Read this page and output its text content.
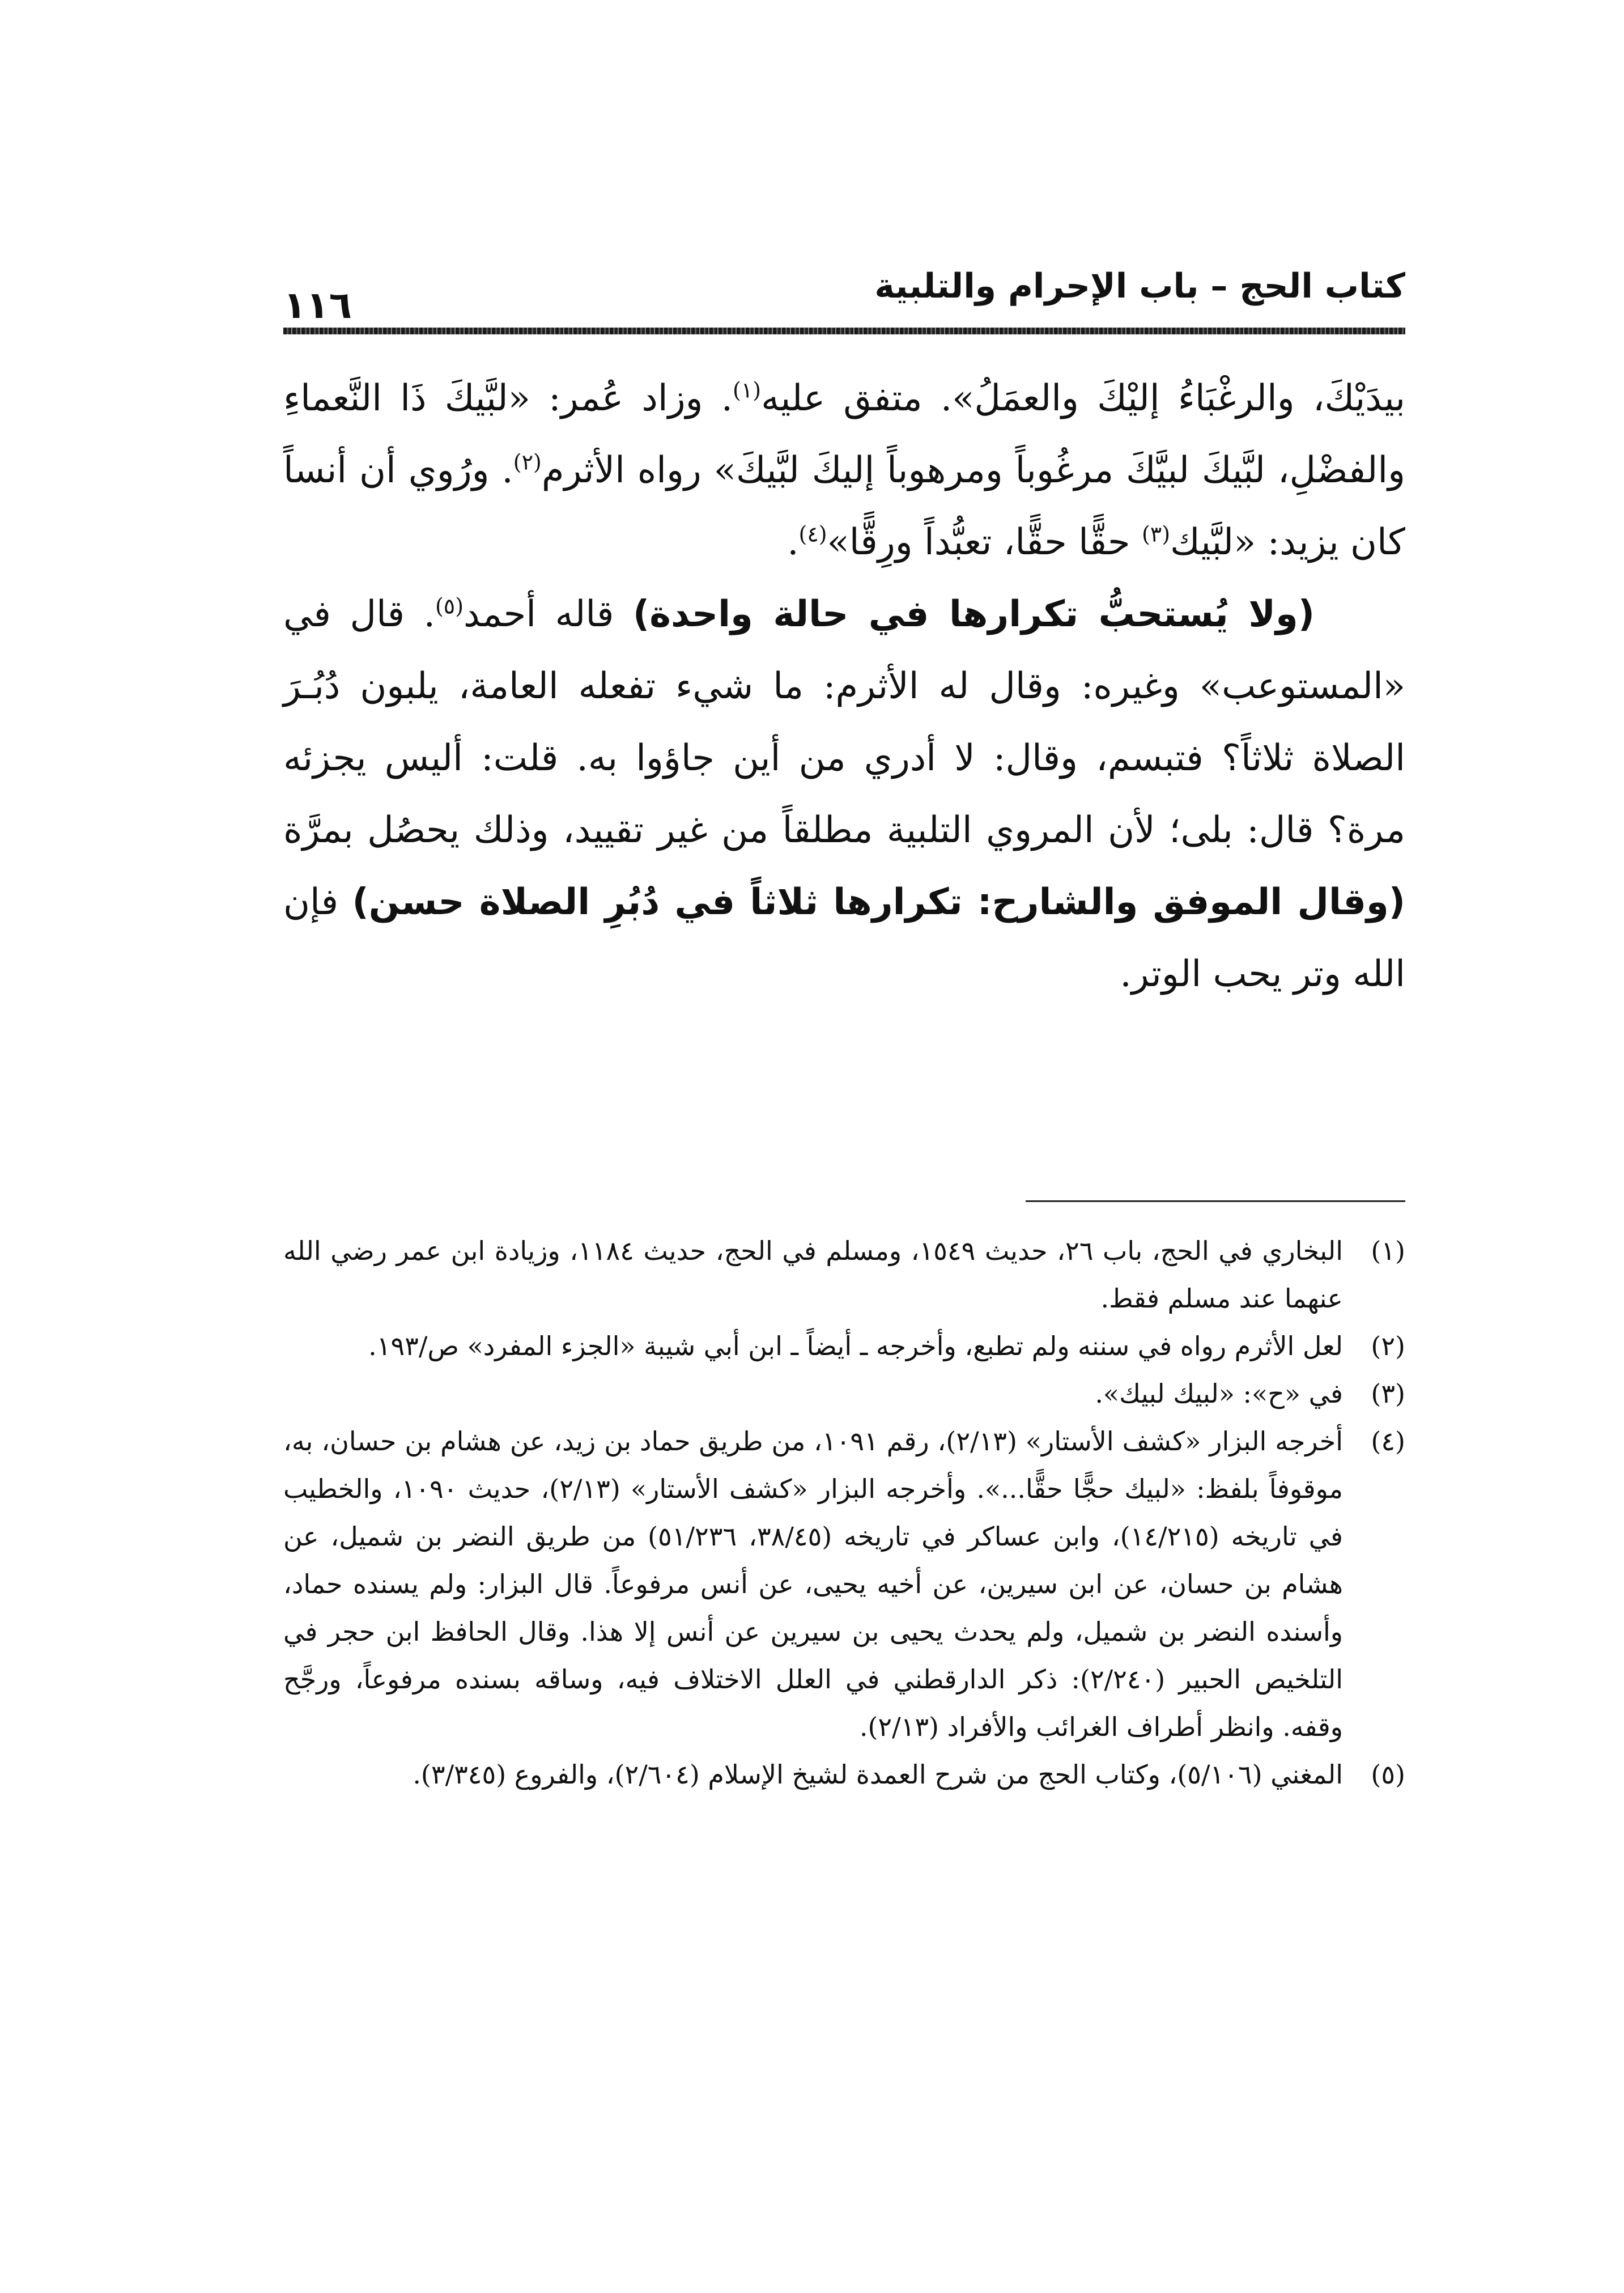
١١٦	كتاب الحج – باب الإحرام والتلبية

بيدَيْكَ، والرغْبَاءُ إليْكَ والعمَلُ». متفق عليه$^{(١)}$. وزاد عُمر: «لبَّيكَ ذَا النَّعماءِ والفضْلِ، لبَّيكَ لبيَّكَ مرغُوباً ومرهوباً إليكَ لبَّيكَ» رواه الأثرم$^{(٢)}$. ورُوي أن أنساً كان يزيد: «لبَّيك$^{(٣)}$ حقًّا حقًّا، تعبُّداً ورِقًّا»$^{(٤)}$.

(ولا يُستحبُّ تكرارها في حالة واحدة) قاله أحمد$^{(٥)}$. قال في «المستوعب» وغيره: وقال له الأثرم: ما شيء تفعله العامة، يلبون دُبُـرَ الصلاة ثلاثاً؟ فتبسم، وقال: لا أدري من أين جاؤوا به. قلت: أليس يجزئه مرة؟ قال: بلى؛ لأن المروي التلبية مطلقاً من غير تقييد، وذلك يحصُل بمرَّة (وقال الموفق والشارح: تكرارها ثلاثاً في دُبُرِ الصلاة حسن) فإن الله وتر يحب الوتر.

(١)
البخاري في الحج، باب ٢٦، حديث ١٥٤٩، ومسلم في الحج، حديث ١١٨٤، وزيادة ابن عمر رضي الله عنهما عند مسلم فقط.
(٢)
لعل الأثرم رواه في سننه ولم تطبع، وأخرجه ـ أيضاً ـ ابن أبي شيبة «الجزء المفرد» ص/١٩٣.
(٣)
في «ح»: «لبيك لبيك».
(٤)
أخرجه البزار «كشف الأستار» (٢/١٣)، رقم ١٠٩١، من طريق حماد بن زيد، عن هشام بن حسان، به، موقوفاً بلفظ: «لبيك حجًّا حقًّا...». وأخرجه البزار «كشف الأستار» (٢/١٣)، حديث ١٠٩٠، والخطيب في تاريخه (١٤/٢١٥)، وابن عساكر في تاريخه (٣٨/٤٥، ٥١/٢٣٦) من طريق النضر بن شميل، عن هشام بن حسان، عن ابن سيرين، عن أخيه يحيى، عن أنس مرفوعاً. قال البزار: ولم يسنده حماد، وأسنده النضر بن شميل، ولم يحدث يحيى بن سيرين عن أنس إلا هذا. وقال الحافظ ابن حجر في التلخيص الحبير (٢/٢٤٠): ذكر الدارقطني في العلل الاختلاف فيه، وساقه بسنده مرفوعاً، ورجَّح وقفه. وانظر أطراف الغرائب والأفراد (٢/١٣).
(٥)
المغني (٥/١٠٦)، وكتاب الحج من شرح العمدة لشيخ الإسلام (٢/٦٠٤)، والفروع (٣/٣٤٥).
